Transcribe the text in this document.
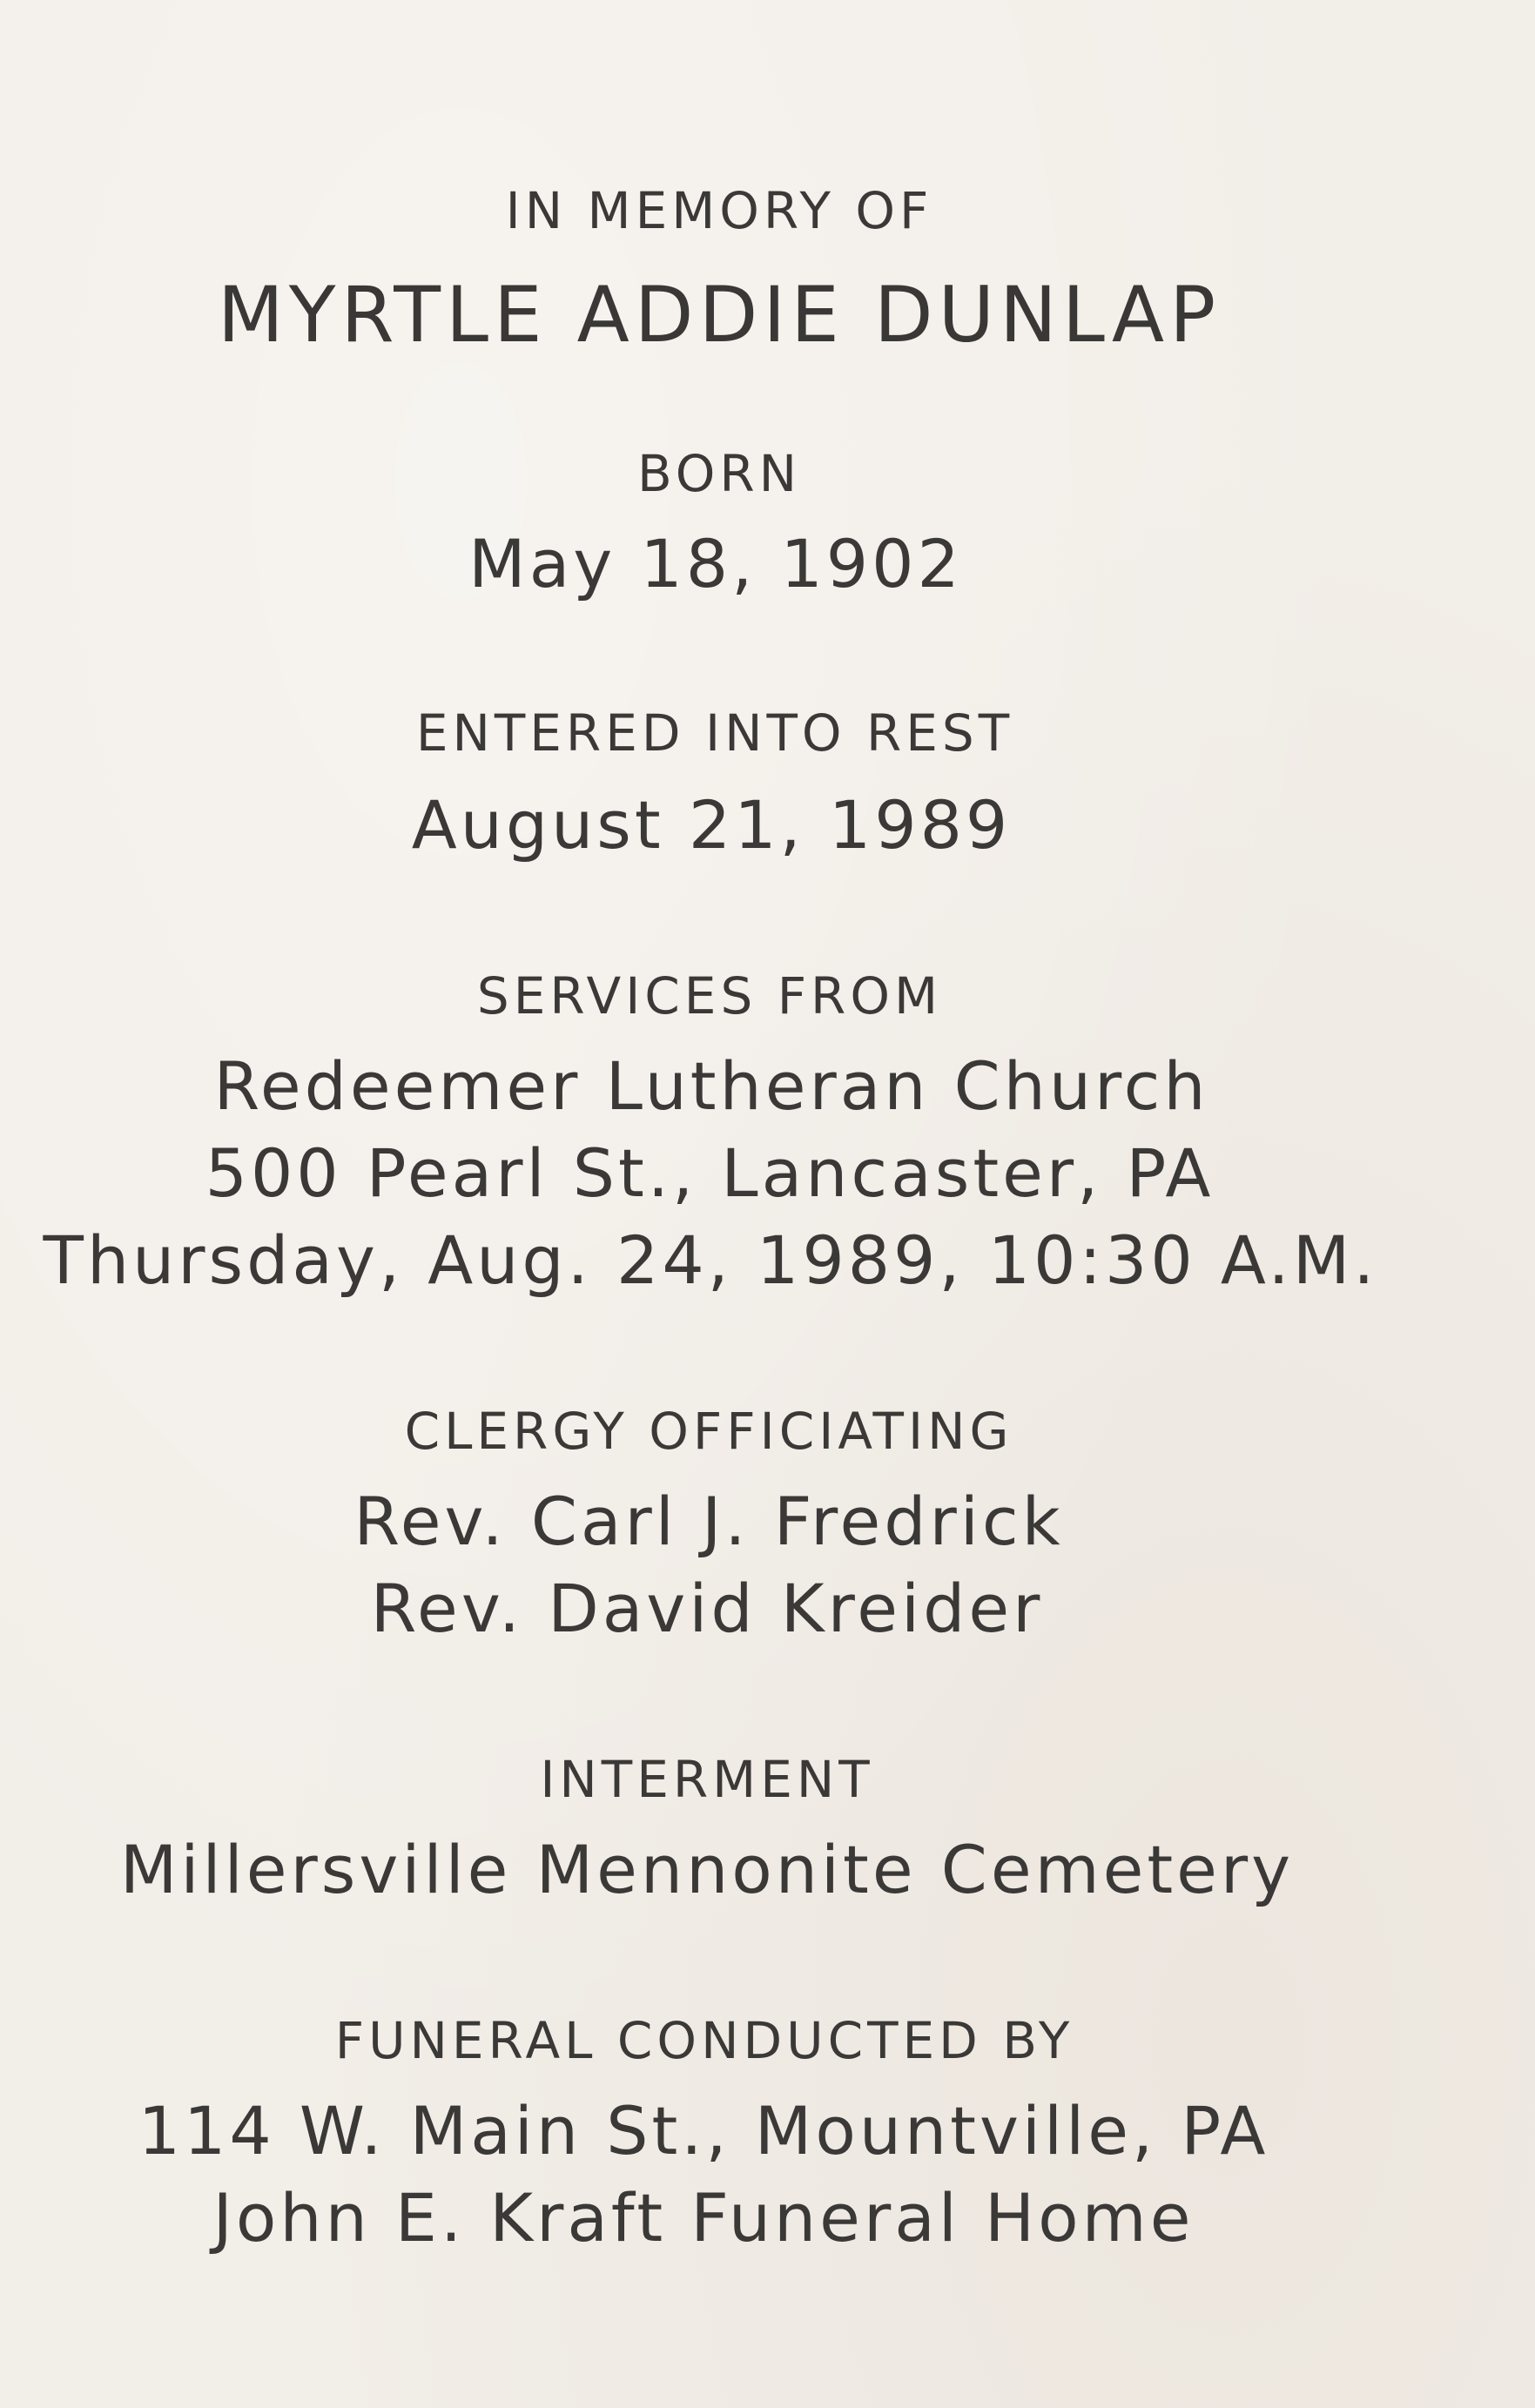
IN MEMORY OF
MYRTLE ADDIE DUNLAP
BORN
May 18, 1902
ENTERED INTO REST
August 21, 1989
SERVICES FROM
Redeemer Lutheran Church
500 Pearl St., Lancaster, PA
Thursday, Aug. 24, 1989, 10:30 A.M.
CLERGY OFFICIATING
Rev. Carl J. Fredrick
Rev. David Kreider
INTERMENT
Millersville Mennonite Cemetery
FUNERAL CONDUCTED BY
114 W. Main St., Mountville, PA
John E. Kraft Funeral Home
